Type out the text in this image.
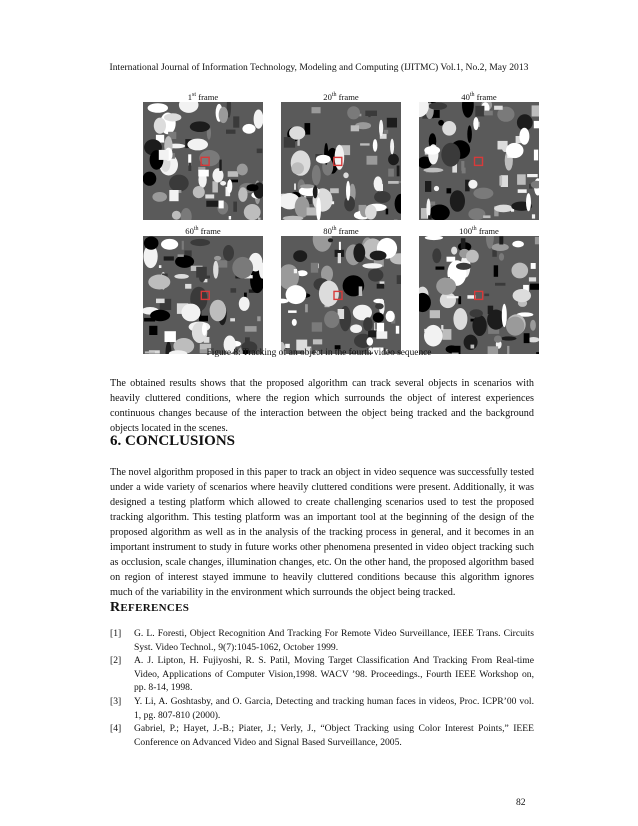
International Journal of Information Technology, Modeling and Computing (IJITMC) Vol.1, No.2, May 2013
1st frame	20th frame	40th frame
60th frame	80th frame	100th frame
Figure 8: Tracking of an object in the fourth video sequence

The obtained results shows that the proposed algorithm can track several objects in scenarios with heavily cluttered conditions, where the region which surrounds the object of interest experiences continuous changes because of the interaction between the object being tracked and the background objects located in the scenes.

6. CONCLUSIONS

The novel algorithm proposed in this paper to track an object in video sequence was successfully tested under a wide variety of scenarios where heavily cluttered conditions were present. Additionally, it was designed a testing platform which allowed to create challenging scenarios used to test the proposed tracking algorithm. This testing platform was an important tool at the beginning of the design of the proposed algorithm as well as in the analysis of the tracking process in general, and it becomes in an important instrument to study in future works other phenomena presented in video object tracking such as occlusion, scale changes, illumination changes, etc. On the other hand, the proposed algorithm based on region of interest stayed immune to heavily cluttered conditions because this algorithm ignores much of the variability in the environment which surrounds the object being tracked.

REFERENCES
[1]	G. L. Foresti, Object Recognition And Tracking For Remote Video Surveillance, IEEE Trans. Circuits Syst. Video Technol., 9(7):1045-1062, October 1999.
[2]	A. J. Lipton, H. Fujiyoshi, R. S. Patil, Moving Target Classification And Tracking From Real-time Video, Applications of Computer Vision,1998. WACV ’98. Proceedings., Fourth IEEE Workshop on, pp. 8-14, 1998.
[3]	Y. Li, A. Goshtasby, and O. Garcia, Detecting and tracking human faces in videos, Proc. ICPR’00 vol. 1, pg. 807-810 (2000).
[4]	Gabriel, P.; Hayet, J.-B.; Piater, J.; Verly, J., “Object Tracking using Color Interest Points,” IEEE Conference on Advanced Video and Signal Based Surveillance, 2005.
82
